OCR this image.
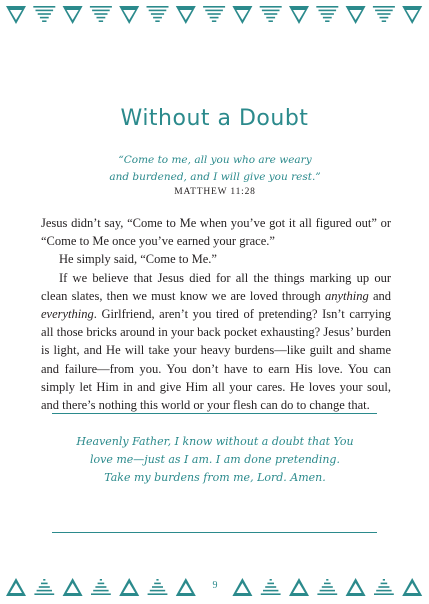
Without a Doubt
“Come to me, all you who are weary
and burdened, and I will give you rest.”
MATTHEW 11:28

Jesus didn’t say, “Come to Me when you’ve got it all figured out” or
“Come to Me once you’ve earned your grace.”

He simply said, “Come to Me.”

If we believe that Jesus died for all the things marking up our clean slates, then we must know we are loved through anything and everything. Girlfriend, aren’t you tired of pretending? Isn’t carrying all those bricks around in your back pocket exhausting? Jesus’ burden is light, and He will take your heavy burdens—like guilt and shame and failure—from you. You don’t have to earn His love. You can simply let Him in and give Him all your cares. He loves your soul, and there’s nothing this world or your flesh can do to change that.

Heavenly Father, I know without a doubt that You
love me—just as I am. I am done pretending.
Take my burdens from me, Lord. Amen.
9
